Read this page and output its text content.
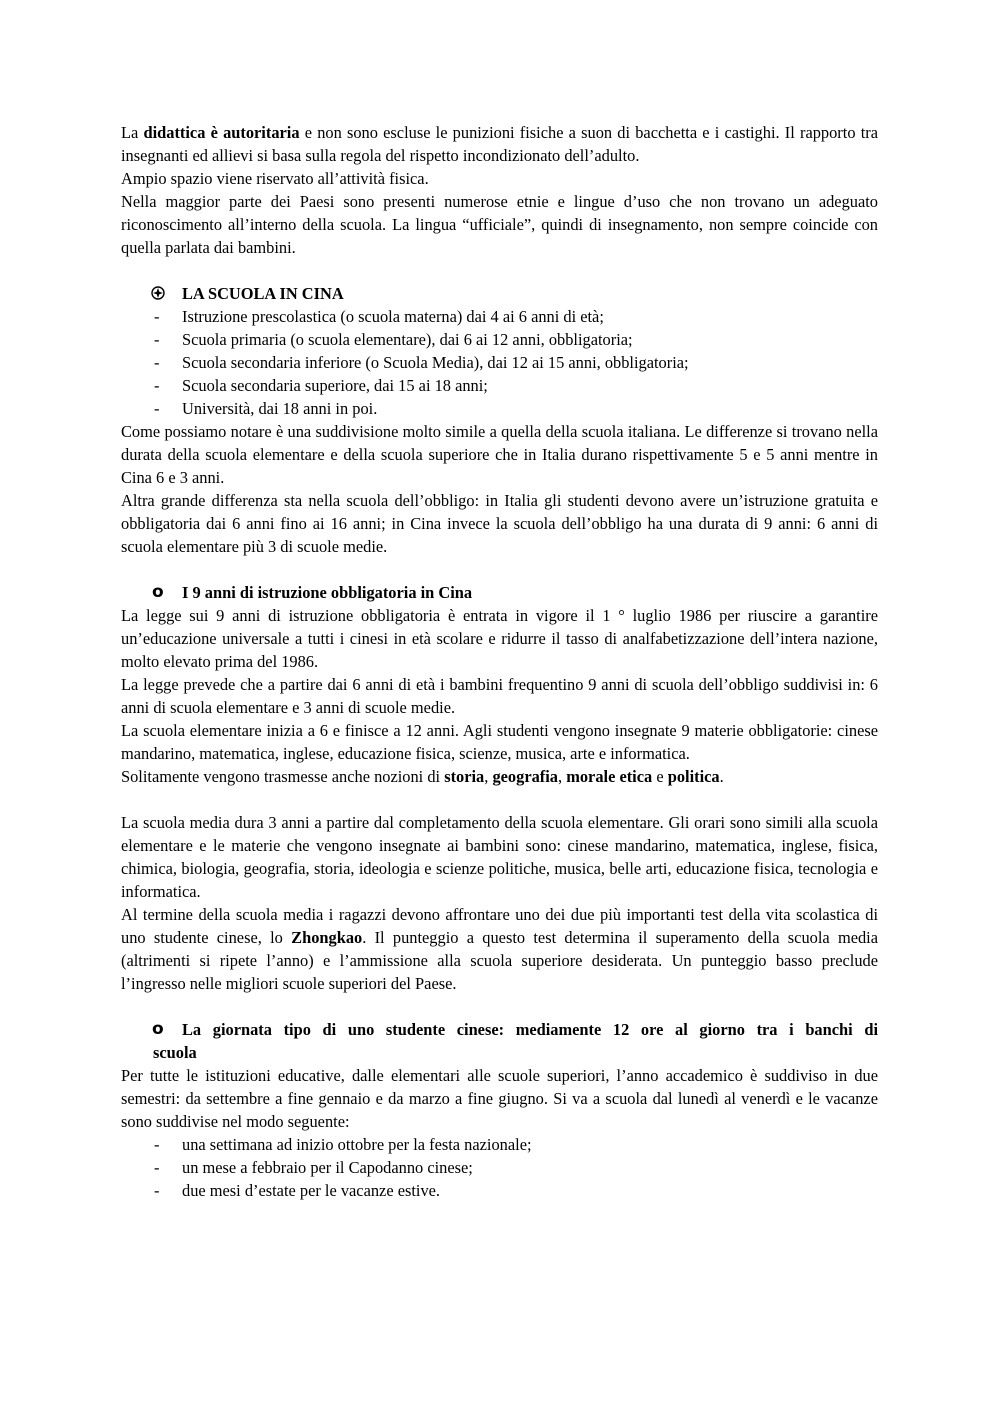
La didattica è autoritaria e non sono escluse le punizioni fisiche a suon di bacchetta e i castighi. Il rapporto tra insegnanti ed allievi si basa sulla regola del rispetto incondizionato dell’adulto.

Ampio spazio viene riservato all’attività fisica.

Nella maggior parte dei Paesi sono presenti numerose etnie e lingue d’uso che non trovano un adeguato riconoscimento all’interno della scuola. La lingua “ufficiale”, quindi di insegnamento, non sempre coincide con quella parlata dai bambini.

LA SCUOLA IN CINA
- Istruzione prescolastica (o scuola materna) dai 4 ai 6 anni di età;
- Scuola primaria (o scuola elementare), dai 6 ai 12 anni, obbligatoria;
- Scuola secondaria inferiore (o Scuola Media), dai 12 ai 15 anni, obbligatoria;
- Scuola secondaria superiore, dai 15 ai 18 anni;
- Università, dai 18 anni in poi.

Come possiamo notare è una suddivisione molto simile a quella della scuola italiana. Le differenze si trovano nella durata della scuola elementare e della scuola superiore che in Italia durano rispettivamente 5 e 5 anni mentre in Cina 6 e 3 anni.

Altra grande differenza sta nella scuola dell’obbligo: in Italia gli studenti devono avere un’istruzione gratuita e obbligatoria dai 6 anni fino ai 16 anni; in Cina invece la scuola dell’obbligo ha una durata di 9 anni: 6 anni di scuola elementare più 3 di scuole medie.

o I 9 anni di istruzione obbligatoria in Cina

La legge sui 9 anni di istruzione obbligatoria è entrata in vigore il 1 ° luglio 1986 per riuscire a garantire un’educazione universale a tutti i cinesi in età scolare e ridurre il tasso di analfabetizzazione dell’intera nazione, molto elevato prima del 1986.

La legge prevede che a partire dai 6 anni di età i bambini frequentino 9 anni di scuola dell’obbligo suddivisi in: 6 anni di scuola elementare e 3 anni di scuole medie.

La scuola elementare inizia a 6 e finisce a 12 anni. Agli studenti vengono insegnate 9 materie obbligatorie: cinese mandarino, matematica, inglese, educazione fisica, scienze, musica, arte e informatica.

Solitamente vengono trasmesse anche nozioni di storia, geografia, morale etica e politica.

La scuola media dura 3 anni a partire dal completamento della scuola elementare. Gli orari sono simili alla scuola elementare e le materie che vengono insegnate ai bambini sono: cinese mandarino, matematica, inglese, fisica, chimica, biologia, geografia, storia, ideologia e scienze politiche, musica, belle arti, educazione fisica, tecnologia e informatica.

Al termine della scuola media i ragazzi devono affrontare uno dei due più importanti test della vita scolastica di uno studente cinese, lo Zhongkao. Il punteggio a questo test determina il superamento della scuola media (altrimenti si ripete l’anno) e l’ammissione alla scuola superiore desiderata. Un punteggio basso preclude l’ingresso nelle migliori scuole superiori del Paese.

o La giornata tipo di uno studente cinese: mediamente 12 ore al giorno tra i banchi di
scuola

Per tutte le istituzioni educative, dalle elementari alle scuole superiori, l’anno accademico è suddiviso in due semestri: da settembre a fine gennaio e da marzo a fine giugno. Si va a scuola dal lunedì al venerdì e le vacanze sono suddivise nel modo seguente:

- una settimana ad inizio ottobre per la festa nazionale;
- un mese a febbraio per il Capodanno cinese;
- due mesi d’estate per le vacanze estive.
